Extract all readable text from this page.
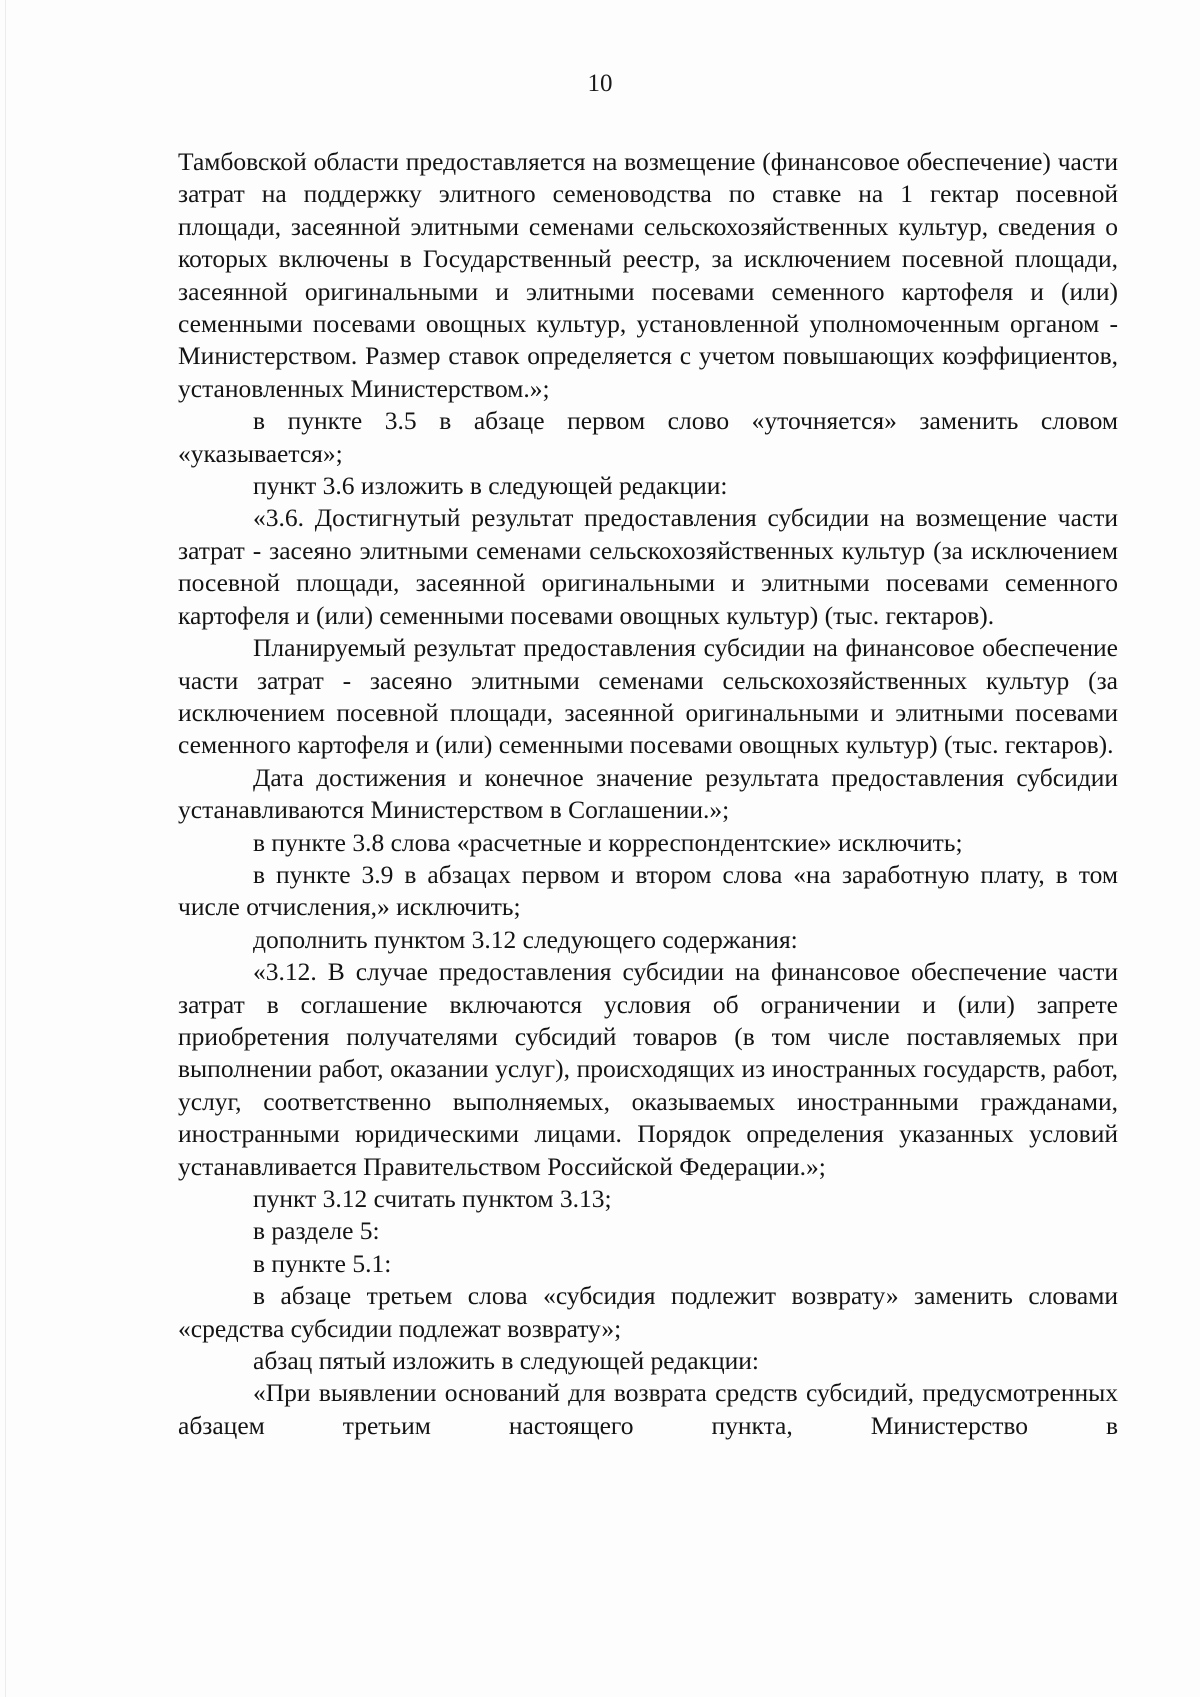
10

Тамбовской области предоставляется на возмещение (финансовое обеспечение) части затрат на поддержку элитного семеноводства по ставке на 1 гектар посевной площади, засеянной элитными семенами сельскохозяйственных культур, сведения о которых включены в Государственный реестр, за исключением посевной площади, засеянной оригинальными и элитными посевами семенного картофеля и (или) семенными посевами овощных культур, установленной уполномоченным органом - Министерством. Размер ставок определяется с учетом повышающих коэффициентов, установленных Министерством.»;

в пункте 3.5 в абзаце первом слово «уточняется» заменить словом «указывается»;

пункт 3.6 изложить в следующей редакции:

«3.6. Достигнутый результат предоставления субсидии на возмещение части затрат - засеяно элитными семенами сельскохозяйственных культур (за исключением посевной площади, засеянной оригинальными и элитными посевами семенного картофеля и (или) семенными посевами овощных культур) (тыс. гектаров).

Планируемый результат предоставления субсидии на финансовое обеспечение части затрат - засеяно элитными семенами сельскохозяйственных культур (за исключением посевной площади, засеянной оригинальными и элитными посевами семенного картофеля и (или) семенными посевами овощных культур) (тыс. гектаров).

Дата достижения и конечное значение результата предоставления субсидии устанавливаются Министерством в Соглашении.»;

в пункте 3.8 слова «расчетные и корреспондентские» исключить;

в пункте 3.9 в абзацах первом и втором слова «на заработную плату, в том числе отчисления,» исключить;

дополнить пунктом 3.12 следующего содержания:

«3.12. В случае предоставления субсидии на финансовое обеспечение части затрат в соглашение включаются условия об ограничении и (или) запрете приобретения получателями субсидий товаров (в том числе поставляемых при выполнении работ, оказании услуг), происходящих из иностранных государств, работ, услуг, соответственно выполняемых, оказываемых иностранными гражданами, иностранными юридическими лицами. Порядок определения указанных условий устанавливается Правительством Российской Федерации.»;

пункт 3.12 считать пунктом 3.13;

в разделе 5:

в пункте 5.1:

в абзаце третьем слова «субсидия подлежит возврату» заменить словами «средства субсидии подлежат возврату»;

абзац пятый изложить в следующей редакции:

«При выявлении оснований для возврата средств субсидий, предусмотренных абзацем третьим настоящего пункта, Министерство в
